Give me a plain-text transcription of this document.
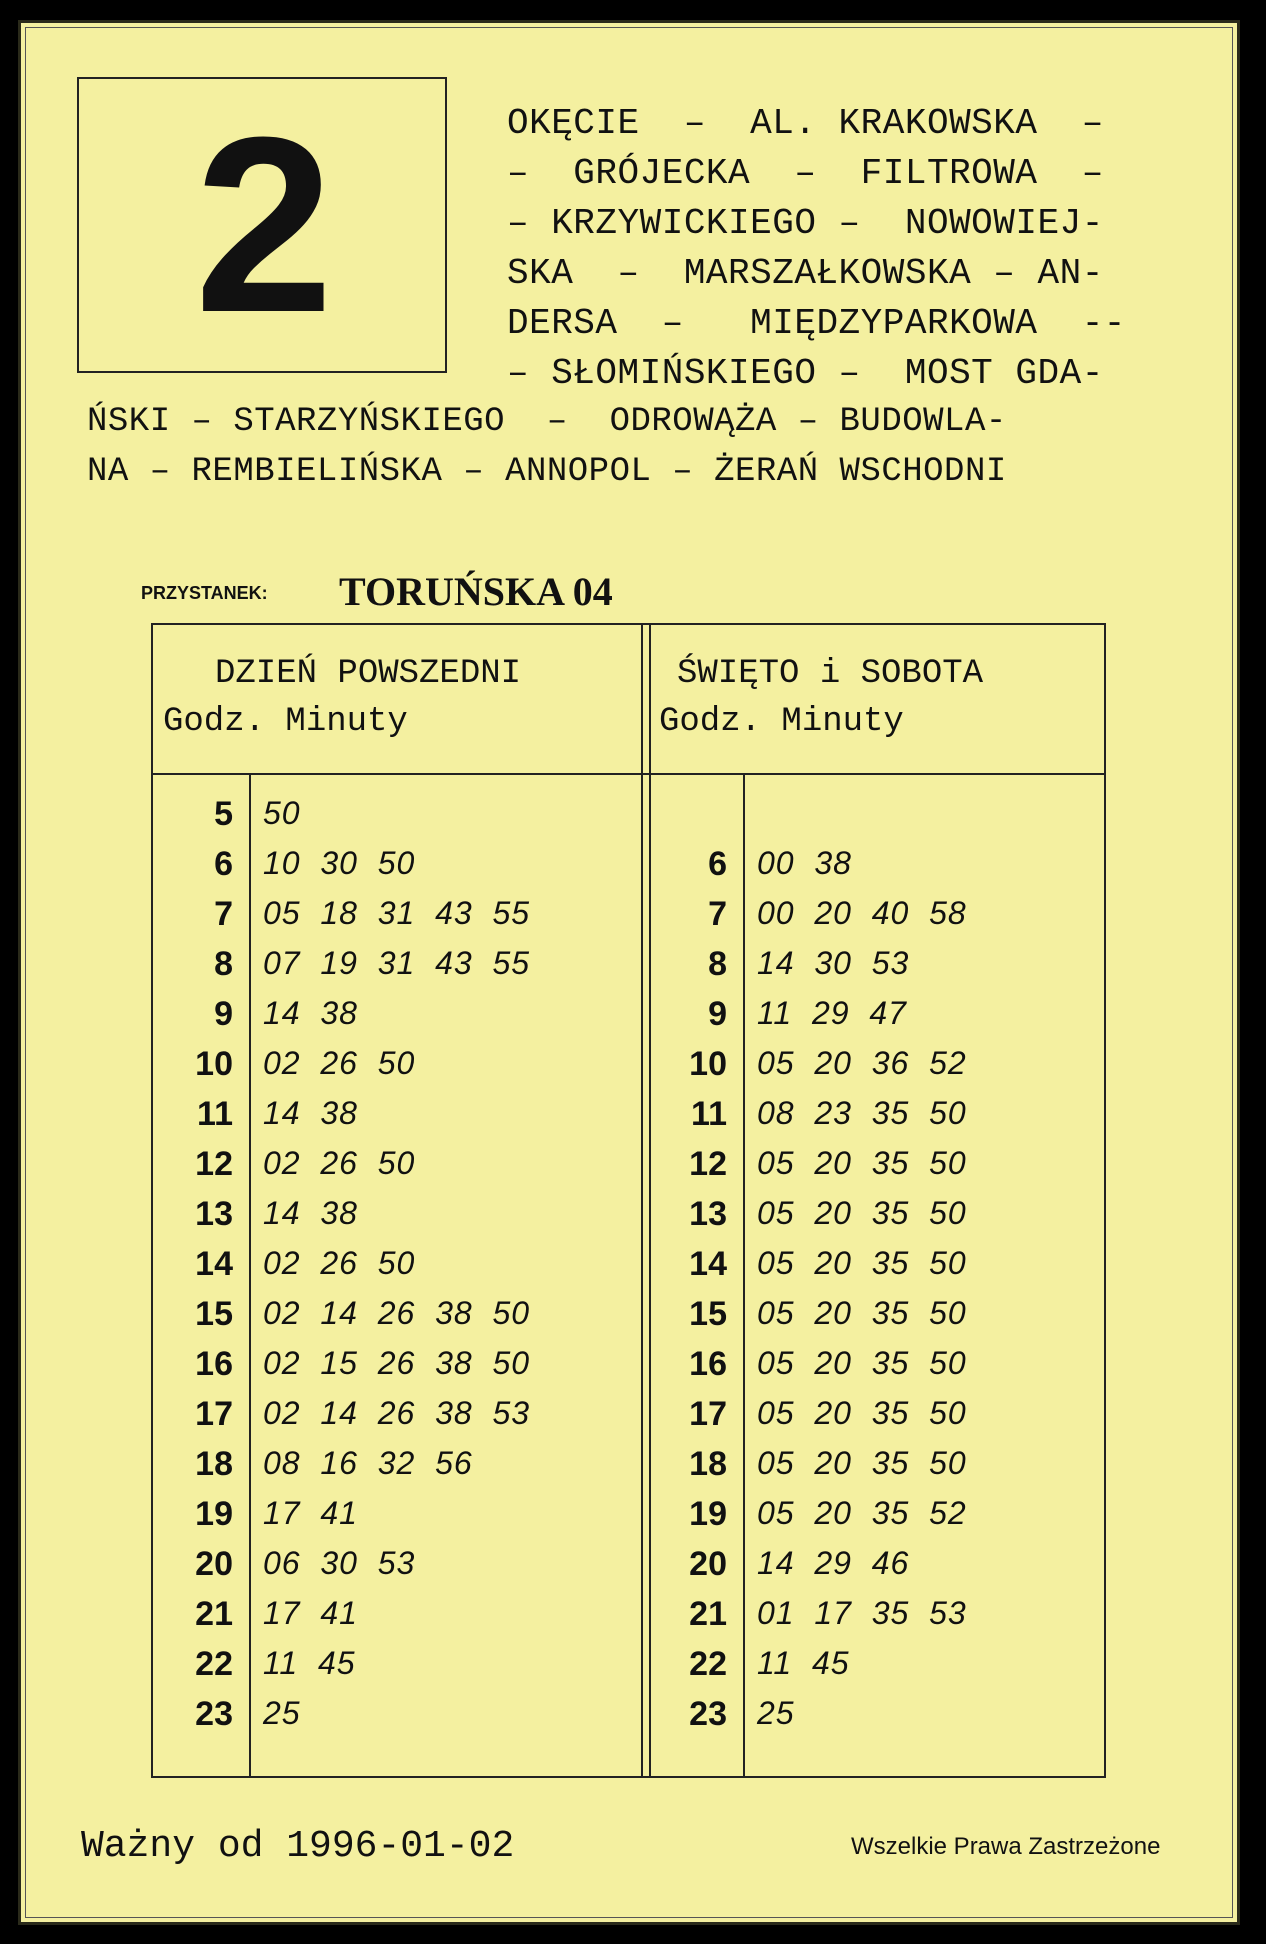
2	OKĘCIE  –  AL. KRAKOWSKA  –
–  GRÓJECKA  –  FILTROWA  –
– KRZYWICKIEGO –  NOWOWIEJ-
SKA  –  MARSZAŁKOWSKA – AN-
DERSA  –   MIĘDZYPARKOWA  --
– SŁOMIŃSKIEGO –  MOST GDA-
ŃSKI – STARZYŃSKIEGO  –  ODROWĄŻA – BUDOWLA-
NA – REMBIELIŃSKA – ANNOPOL – ŻERAŃ WSCHODNI
PRZYSTANEK: TORUŃSKA 04
DZIEŃ POWSZEDNI
Godz. Minuty
ŚWIĘTO i SOBOTA
Godz. Minuty
5 50
6 10  30  50
7 05  18  31  43  55
8 07  19  31  43  55
9 14  38
10 02  26  50
11 14  38
12 02  26  50
13 14  38
14 02  26  50
15 02  14  26  38  50
16 02  15  26  38  50
17 02  14  26  38  53
18 08  16  32  56
19 17  41
20 06  30  53
21 17  41
22 11  45
23 25
6 00  38
7 00  20  40  58
8 14  30  53
9 11  29  47
10 05  20  36  52
11 08  23  35  50
12 05  20  35  50
13 05  20  35  50
14 05  20  35  50
15 05  20  35  50
16 05  20  35  50
17 05  20  35  50
18 05  20  35  50
19 05  20  35  52
20 14  29  46
21 01  17  35  53
22 11  45
23 25
Ważny od 1996-01-02	Wszelkie Prawa Zastrzeżone
